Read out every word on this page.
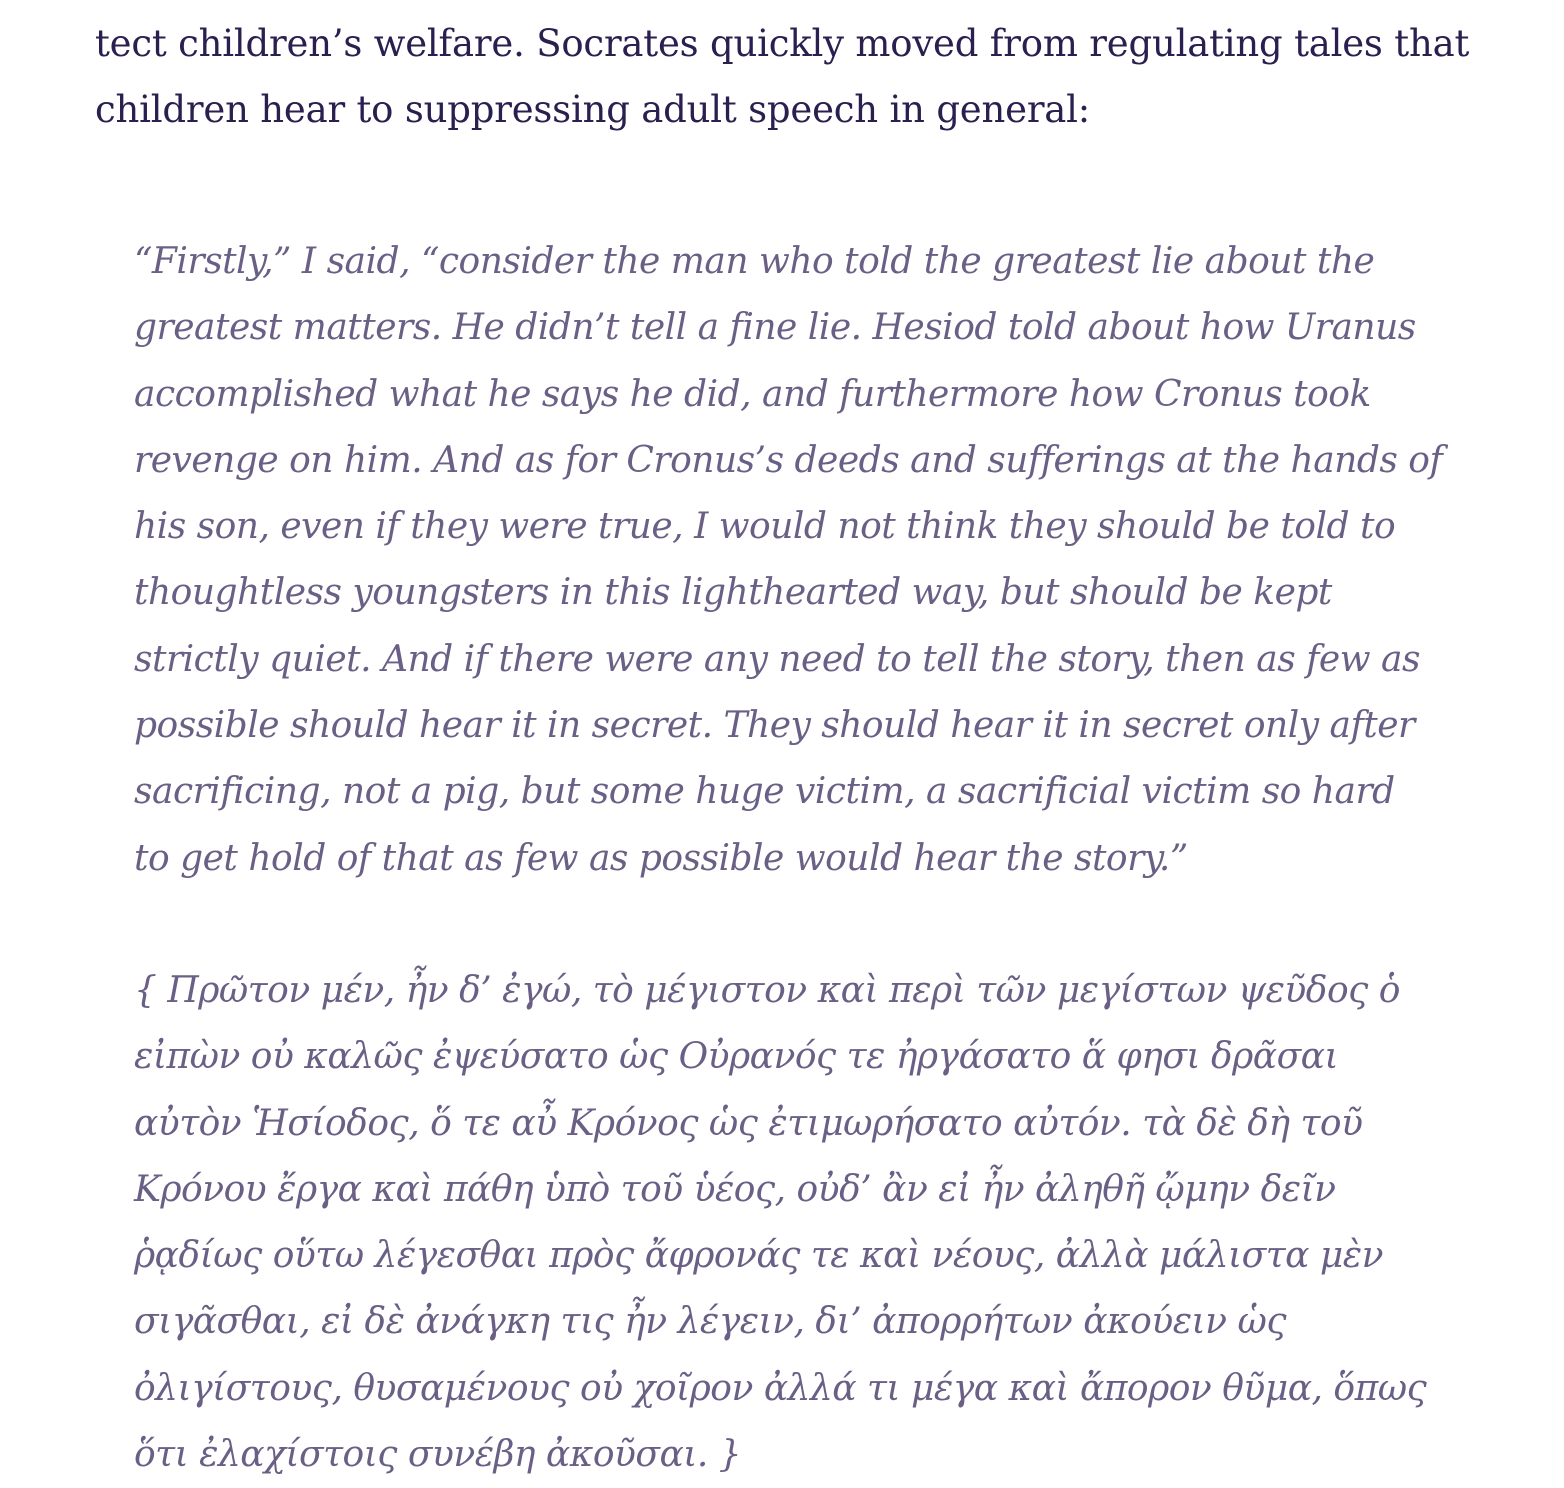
tect children’s welfare. Socrates quickly moved from regulating tales that
children hear to suppressing adult speech in general:

“Firstly,” I said, “consider the man who told the greatest lie about the
greatest matters. He didn’t tell a fine lie. Hesiod told about how Uranus
accomplished what he says he did, and furthermore how Cronus took
revenge on him. And as for Cronus’s deeds and sufferings at the hands of
his son, even if they were true, I would not think they should be told to
thoughtless youngsters in this lighthearted way, but should be kept
strictly quiet. And if there were any need to tell the story, then as few as
possible should hear it in secret. They should hear it in secret only after
sacrificing, not a pig, but some huge victim, a sacrificial victim so hard
to get hold of that as few as possible would hear the story.”
{ Πρῶτον μέν, ἦν δ’ ἐγώ, τὸ μέγιστον καὶ περὶ τῶν μεγίστων ψεῦδος ὁ
εἰπὼν οὐ καλῶς ἐψεύσατο ὡς Οὐρανός τε ἠργάσατο ἅ φησι δρᾶσαι
αὐτὸν Ἡσίοδος, ὅ τε αὖ Κρόνος ὡς ἐτιμωρήσατο αὐτόν. τὰ δὲ δὴ τοῦ
Κρόνου ἔργα καὶ πάθη ὑπὸ τοῦ ὑέος, οὐδ’ ἂν εἰ ἦν ἀληθῆ ᾤμην δεῖν
ῥᾳδίως οὕτω λέγεσθαι πρὸς ἄφρονάς τε καὶ νέους, ἀλλὰ μάλιστα μὲν
σιγᾶσθαι, εἰ δὲ ἀνάγκη τις ἦν λέγειν, δι’ ἀπορρήτων ἀκούειν ὡς
ὀλιγίστους, θυσαμένους οὐ χοῖρον ἀλλά τι μέγα καὶ ἄπορον θῦμα, ὅπως
ὅτι ἐλαχίστοις συνέβη ἀκοῦσαι. }
